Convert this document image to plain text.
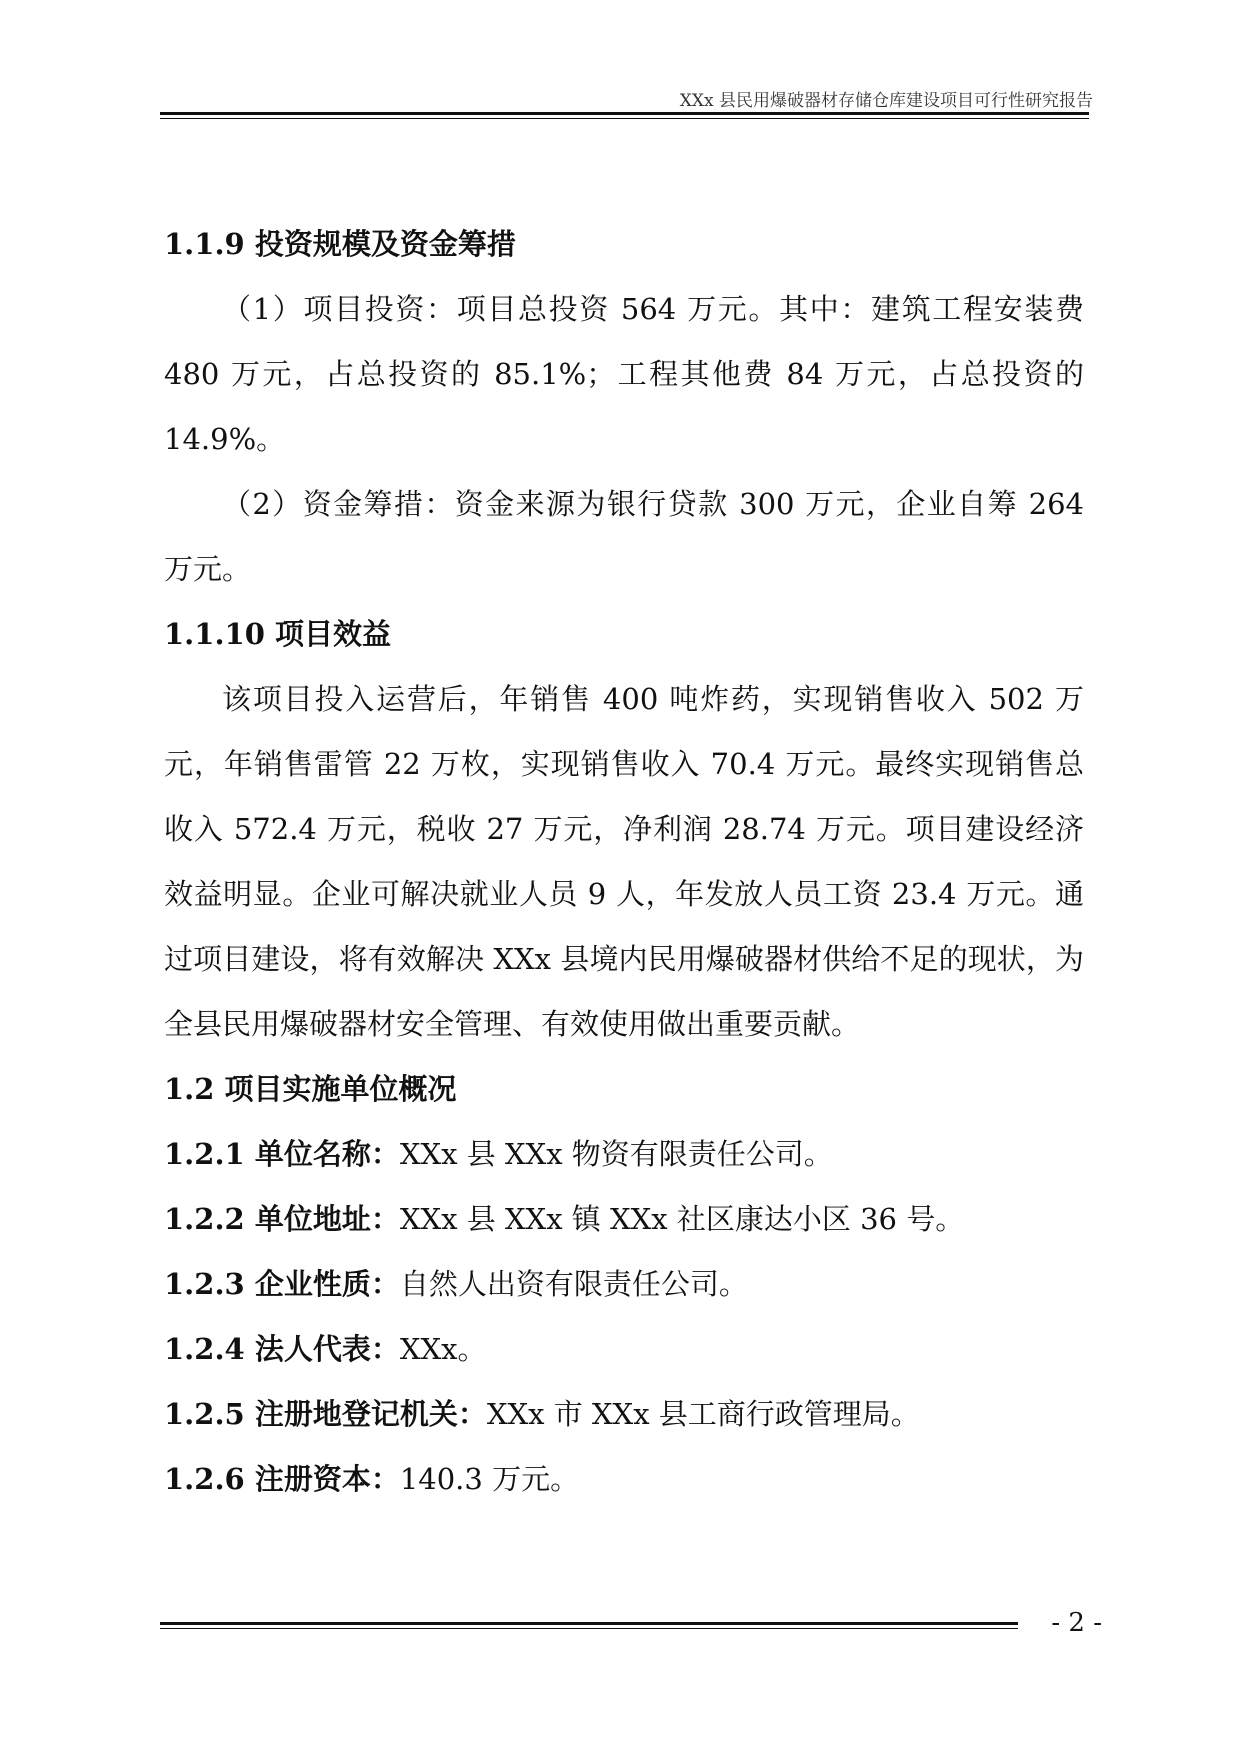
XXx 县民用爆破器材存储仓库建设项目可行性研究报告

1.1.9 投资规模及资金筹措

（1）项目投资：项目总投资 564 万元。其中：建筑工程安装费 480 万元，占总投资的 85.1%；工程其他费 84 万元，占总投资的 14.9%。

（2）资金筹措：资金来源为银行贷款 300 万元，企业自筹 264 万元。

1.1.10 项目效益

该项目投入运营后，年销售 400 吨炸药，实现销售收入 502 万元，年销售雷管 22 万枚，实现销售收入 70.4 万元。最终实现销售总收入 572.4 万元，税收 27 万元，净利润 28.74 万元。项目建设经济效益明显。企业可解决就业人员 9 人，年发放人员工资 23.4 万元。通过项目建设，将有效解决 XXx 县境内民用爆破器材供给不足的现状，为全县民用爆破器材安全管理、有效使用做出重要贡献。

1.2 项目实施单位概况

1.2.1 单位名称：XXx 县 XXx 物资有限责任公司。

1.2.2 单位地址：XXx 县 XXx 镇 XXx 社区康达小区 36 号。

1.2.3 企业性质：自然人出资有限责任公司。

1.2.4 法人代表：XXx。

1.2.5 注册地登记机关：XXx 市 XXx 县工商行政管理局。

1.2.6 注册资本：140.3 万元。

- 2 -
